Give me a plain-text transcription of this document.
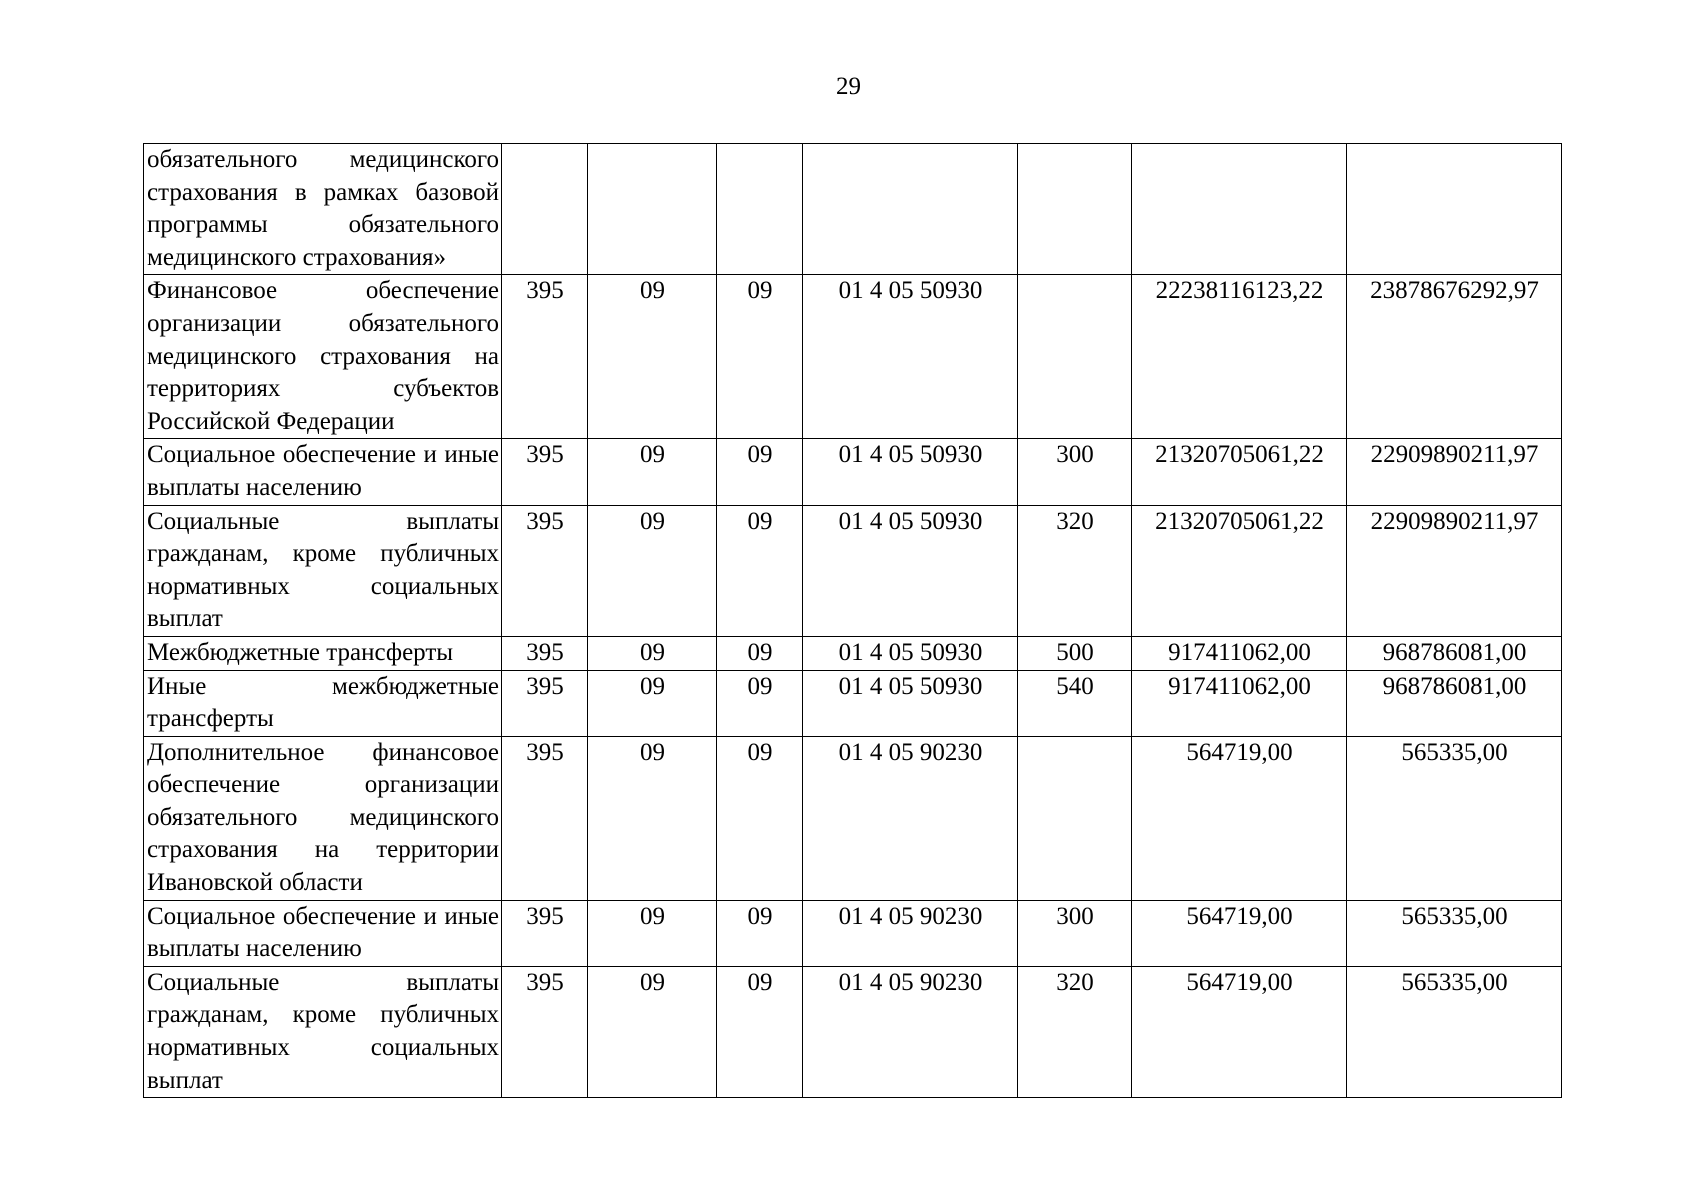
29
обязательного медицинского страхования в рамках базовой программы обязательного медицинского страхования»							
Финансовое обеспечение организации обязательного медицинского страхования на территориях субъектов Российской Федерации	395	09	09	01 4 05 50930		22238116123,22	23878676292,97
Социальное обеспечение и иные выплаты населению	395	09	09	01 4 05 50930	300	21320705061,22	22909890211,97
Социальные выплаты гражданам, кроме публичных нормативных социальных выплат	395	09	09	01 4 05 50930	320	21320705061,22	22909890211,97
Межбюджетные трансферты	395	09	09	01 4 05 50930	500	917411062,00	968786081,00
Иные межбюджетные трансферты	395	09	09	01 4 05 50930	540	917411062,00	968786081,00
Дополнительное финансовое обеспечение организации обязательного медицинского страхования на территории Ивановской области	395	09	09	01 4 05 90230		564719,00	565335,00
Социальное обеспечение и иные выплаты населению	395	09	09	01 4 05 90230	300	564719,00	565335,00
Социальные выплаты гражданам, кроме публичных нормативных социальных выплат	395	09	09	01 4 05 90230	320	564719,00	565335,00
